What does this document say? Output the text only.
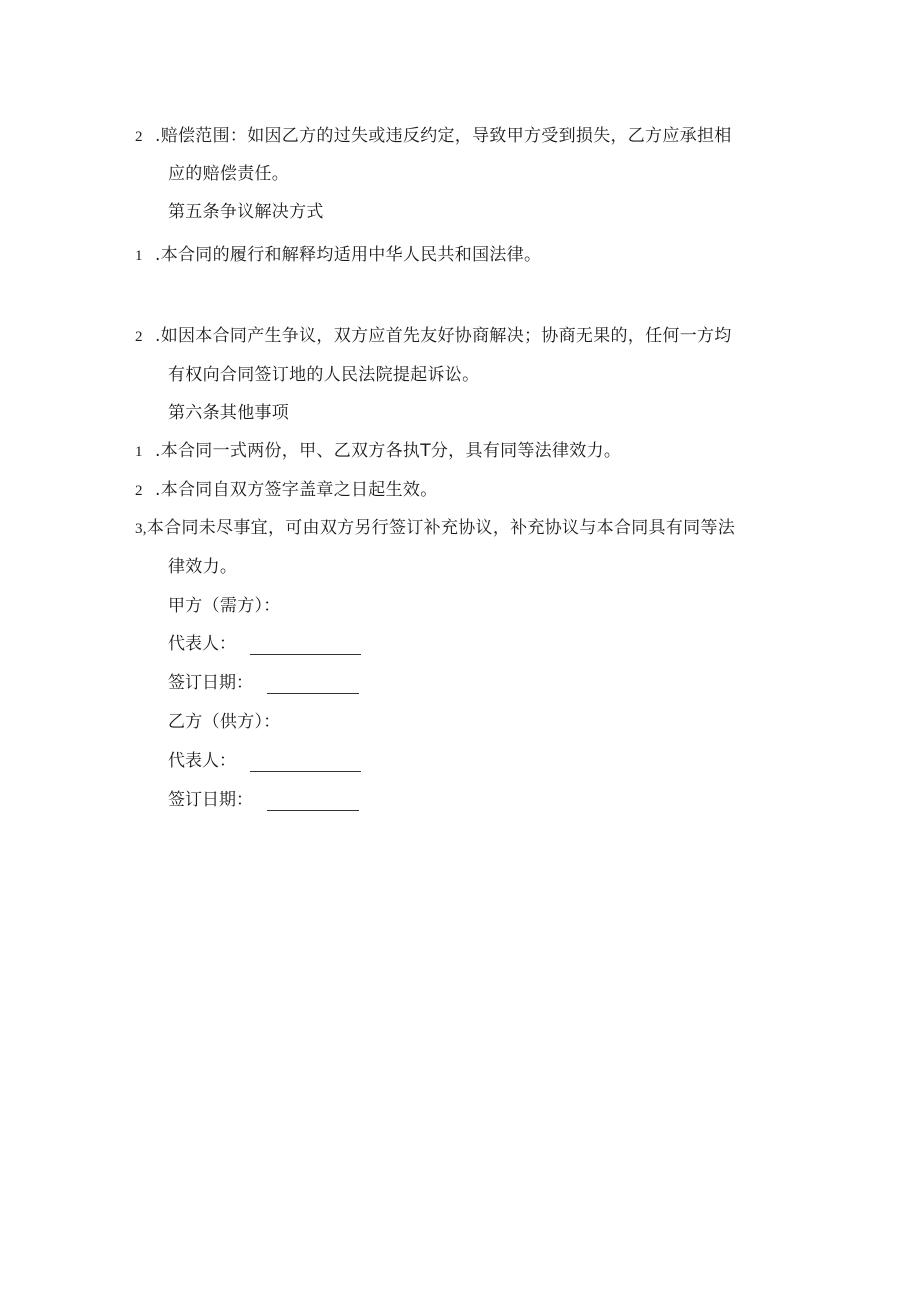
2 .赔偿范围：如因乙方的过失或违反约定，导致甲方受到损失，乙方应承担相
应的赔偿责任。
第五条争议解决方式
1 .本合同的履行和解释均适用中华人民共和国法律。
2 .如因本合同产生争议，双方应首先友好协商解决；协商无果的，任何一方均
有权向合同签订地的人民法院提起诉讼。
第六条其他事项
1 .本合同一式两份，甲、乙双方各执T分，具有同等法律效力。
2 .本合同自双方签字盖章之日起生效。
3,本合同未尽事宜，可由双方另行签订补充协议，补充协议与本合同具有同等法
律效力。
甲方（需方）：
代表人：
签订日期：
乙方（供方）：
代表人：
签订日期：
